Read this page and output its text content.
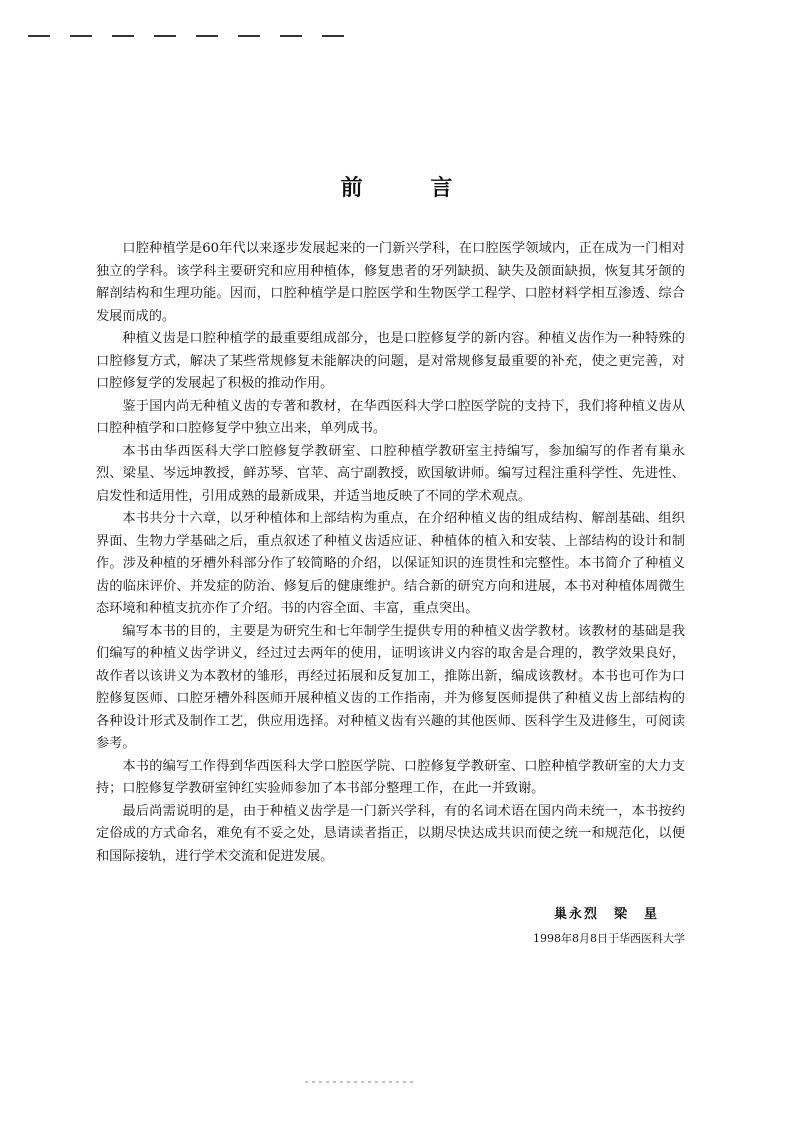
前 言

口腔种植学是60年代以来逐步发展起来的一门新兴学科，在口腔医学领域内，正在成为一门相对独立的学科。该学科主要研究和应用种植体，修复患者的牙列缺损、缺失及颌面缺损，恢复其牙颌的解剖结构和生理功能。因而，口腔种植学是口腔医学和生物医学工程学、口腔材料学相互渗透、综合发展而成的。

种植义齿是口腔种植学的最重要组成部分，也是口腔修复学的新内容。种植义齿作为一种特殊的口腔修复方式，解决了某些常规修复未能解决的问题，是对常规修复最重要的补充，使之更完善，对口腔修复学的发展起了积极的推动作用。

鉴于国内尚无种植义齿的专著和教材，在华西医科大学口腔医学院的支持下，我们将种植义齿从口腔种植学和口腔修复学中独立出来，单列成书。

本书由华西医科大学口腔修复学教研室、口腔种植学教研室主持编写，参加编写的作者有巢永烈、梁星、岑远坤教授，鲜苏琴、官苹、高宁副教授，欧国敏讲师。编写过程注重科学性、先进性、启发性和适用性，引用成熟的最新成果，并适当地反映了不同的学术观点。

本书共分十六章，以牙种植体和上部结构为重点，在介绍种植义齿的组成结构、解剖基础、组织界面、生物力学基础之后，重点叙述了种植义齿适应证、种植体的植入和安装、上部结构的设计和制作。涉及种植的牙槽外科部分作了较简略的介绍，以保证知识的连贯性和完整性。本书简介了种植义齿的临床评价、并发症的防治、修复后的健康维护。结合新的研究方向和进展，本书对种植体周微生态环境和种植支抗亦作了介绍。书的内容全面、丰富，重点突出。

编写本书的目的，主要是为研究生和七年制学生提供专用的种植义齿学教材。该教材的基础是我们编写的种植义齿学讲义，经过过去两年的使用，证明该讲义内容的取舍是合理的，教学效果良好，故作者以该讲义为本教材的雏形，再经过拓展和反复加工，推陈出新，编成该教材。本书也可作为口腔修复医师、口腔牙槽外科医师开展种植义齿的工作指南，并为修复医师提供了种植义齿上部结构的各种设计形式及制作工艺，供应用选择。对种植义齿有兴趣的其他医师、医科学生及进修生，可阅读参考。

本书的编写工作得到华西医科大学口腔医学院、口腔修复学教研室、口腔种植学教研室的大力支持；口腔修复学教研室钟红实验师参加了本书部分整理工作，在此一并致谢。

最后尚需说明的是，由于种植义齿学是一门新兴学科，有的名词术语在国内尚未统一，本书按约定俗成的方式命名，难免有不妥之处，恳请读者指正，以期尽快达成共识而使之统一和规范化，以便和国际接轨，进行学术交流和促进发展。

巢永烈　梁　星
1998年8月8日于华西医科大学
